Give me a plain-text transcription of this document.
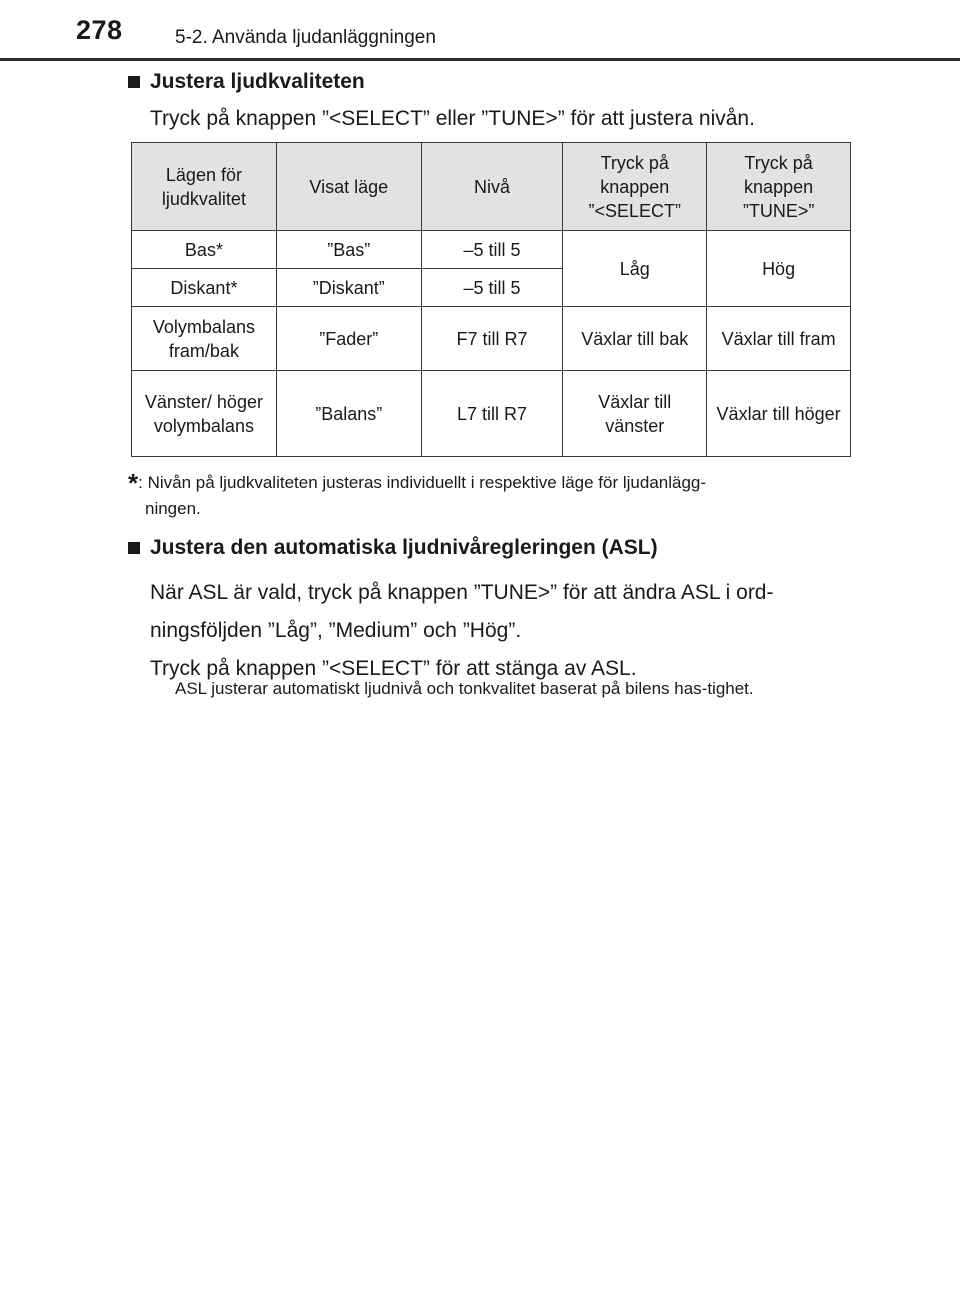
278	5-2. Använda ljudanläggningen
Justera ljudkvaliteten
Tryck på knappen ”<SELECT” eller ”TUNE>” för att justera nivån.
Lägen för ljudkvalitet	Visat läge	Nivå	Tryck på knappen ”<SELECT”	Tryck på knappen ”TUNE>”
Bas*	”Bas”	–5 till 5	Låg	Hög
Diskant*	”Diskant”	–5 till 5		
Volymbalans fram/bak	”Fader”	F7 till R7	Växlar till bak	Växlar till fram
Vänster/ höger volymbalans	”Balans”	L7 till R7	Växlar till vänster	Växlar till höger
*: Nivån på ljudkvaliteten justeras individuellt i respektive läge för ljudanlägg-
ningen.
Justera den automatiska ljudnivåregleringen (ASL)
När ASL är vald, tryck på knappen ”TUNE>” för att ändra ASL i ord-
ningsföljden ”Låg”, ”Medium” och ”Hög”.
Tryck på knappen ”<SELECT” för att stänga av ASL.
ASL justerar automatiskt ljudnivå och tonkvalitet baserat på bilens has-tighet.
